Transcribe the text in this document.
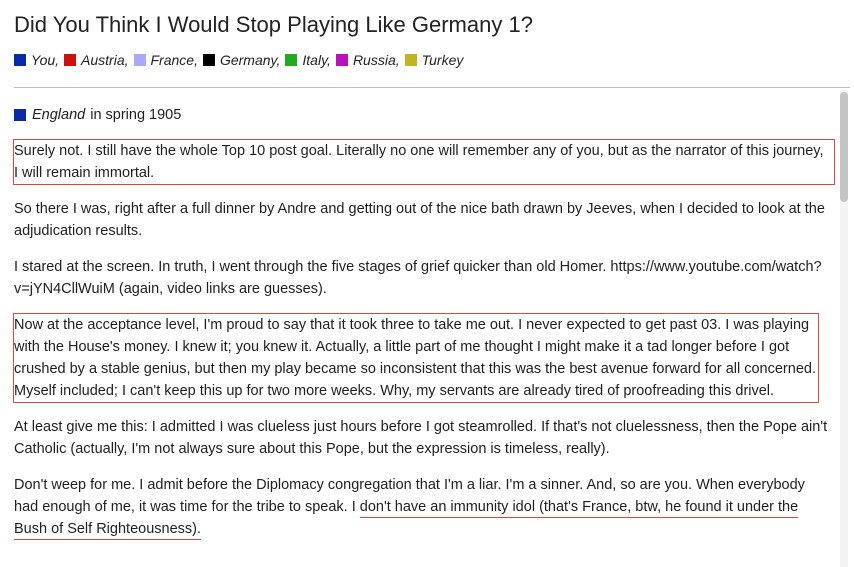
Did You Think I Would Stop Playing Like Germany 1?
You, Austria, France, Germany, Italy, Russia, Turkey
England in spring 1905

Surely not. I still have the whole Top 10 post goal. Literally no one will remember any of you, but as the narrator of this journey, I will remain immortal.

So there I was, right after a full dinner by Andre and getting out of the nice bath drawn by Jeeves, when I decided to look at the adjudication results.

I stared at the screen. In truth, I went through the five stages of grief quicker than old Homer. https://www.youtube.com/watch?v=jYN4CllWuiM (again, video links are guesses).

Now at the acceptance level, I'm proud to say that it took three to take me out. I never expected to get past 03. I was playing with the House's money. I knew it; you knew it. Actually, a little part of me thought I might make it a tad longer before I got crushed by a stable genius, but then my play became so inconsistent that this was the best avenue forward for all concerned. Myself included; I can't keep this up for two more weeks. Why, my servants are already tired of proofreading this drivel.

At least give me this: I admitted I was clueless just hours before I got steamrolled. If that's not cluelessness, then the Pope ain't Catholic (actually, I'm not always sure about this Pope, but the expression is timeless, really).

Don't weep for me. I admit before the Diplomacy congregation that I'm a liar. I'm a sinner. And, so are you. When everybody had enough of me, it was time for the tribe to speak. I don't have an immunity idol (that's France, btw, he found it under the Bush of Self Righteousness).
